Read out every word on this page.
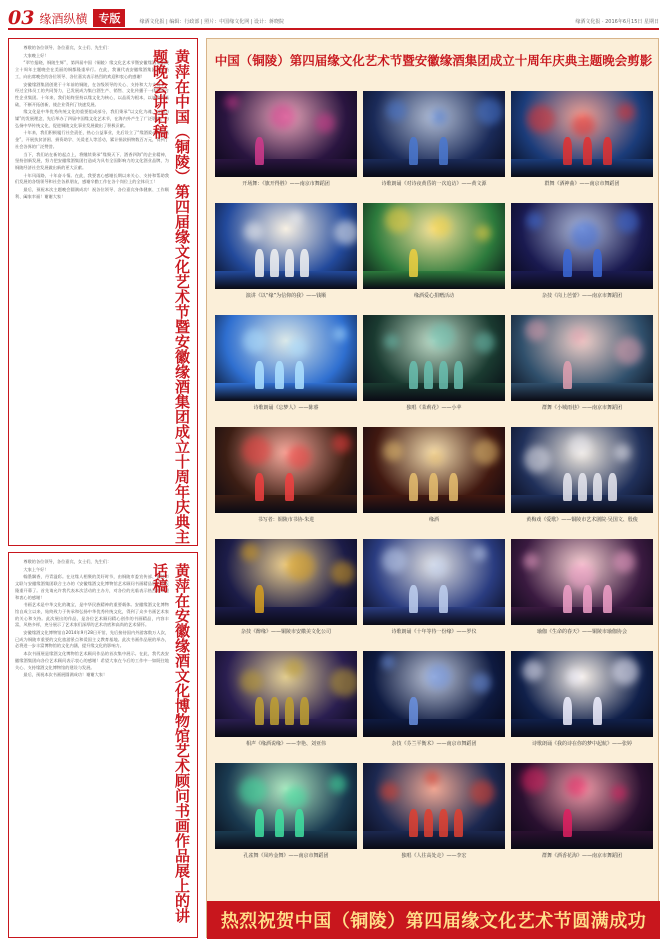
03 缘酒纵横	专版	缘酒文化报 | 编辑：行政部 | 照片：中国缘文化网 | 设计：蒋晓院	缘酒文化报 · 2016年6月15日 星期日

尊敬的各位领导、各位嘉宾，女士们、先生们：

大家晚上好！

“翠竹报晓，铜陵生辉”，第四届中国（铜陵）缘文化艺术节暨安徽缘酒集团成立十周年主题晚会在美丽的铜都隆重举行。在此，我谨代表安徽缘酒集团全体员工，向出席晚会的各位领导、各位嘉宾表示热烈的欢迎和衷心的感谢！

安徽缘酒集团创建于十年前的铜陵，在各级领导的关心、支持和大力支持下，经过全体员工的共同努力，已发展成为集白酒生产、销售、文化传播于一体的综合性企业集团。十年来，我们始终坚持以缘文化为核心，以品质为根本，以诚信为基础，不断开拓创新，使企业得到了快速发展。

缘文化是中华优秀传统文化的重要组成部分，我们秉承“以文化为魂、以酒为媒”的发展理念，先后举办了四届中国缘文化艺术节，在海内外产生了广泛影响，为弘扬中华传统文化、促进铜陵文化事业发展做出了积极贡献。

十年来，我们积极履行社会责任，热心公益事业，先后设立了“缘酒爱心助学基金”，开展扶贫济困、捐资助学、关爱老人等活动，累计捐款捐物数百万元，得到了社会各界的广泛赞誉。

当下，我们站在新的起点上，将继续秉承“缘聚天下、酒香四海”的企业精神，坚持创新发展，努力把安徽缘酒集团打造成为具有全国影响力的文化酒业品牌，为铜陵经济社会发展做出新的更大贡献。

十年风雨路，十年奋斗情。在此，我要衷心感谢长期以来关心、支持和帮助我们发展的各级领导和社会各界朋友，感谢辛勤工作在各个岗位上的全体员工！

最后，预祝本次主题晚会圆满成功！祝各位领导、各位嘉宾身体健康、工作顺利、阖家幸福！谢谢大家！	黄萍在中国（铜陵）第四届缘文化艺术节暨安徽缘酒集团成立十周年庆典主题晚会讲话稿

尊敬的各位领导，各位嘉宾，女士们，先生们：

大家上午好！

翰墨飘香，丹青溢彩。在这缘人相聚的美好时节，由铜陵市委宣传部、铜陵市文联与安徽缘酒集团联合主办的《安徽缘酒文化博物馆艺术顾问书画精品展》今天隆重开幕了。首先请允许我代表本次活动的主办方，对各位的光临表示热烈的欢迎和衷心的感谢！

书画艺术是中华文化的瑰宝，是中华民族精神的重要载体。安徽缘酒文化博物馆自成立以来，始终致力于传承和弘扬中华优秀传统文化，得到了众多书画艺术家的关心和支持。此次展出的作品，是各位艺术顾问精心创作的书画精品，内容丰富，风格多样，充分展示了艺术家们深厚的艺术功底和高尚的艺术情怀。

安徽缘酒文化博物馆自2014年9月28日开馆，先后接待国内外游客数万人次，已成为铜陵市重要的文化旅游景点和爱国主义教育基地。此次书画作品展的举办，必将进一步丰富博物馆的文化内涵，提升缘文化的影响力。

本次书画展是缘酒文化博物馆艺术顾问作品的首次集中展示。在此，我代表安徽缘酒集团向各位艺术顾问表示衷心的感谢！希望大家在今后的工作中一如既往地关心、支持缘酒文化博物馆的建设与发展。

最后，预祝本次书画展圆满成功！谢谢大家！	黄萍在安徽缘酒文化博物馆艺术顾问书画作品展上的讲话稿
中国（铜陵）第四届缘文化艺术节暨安徽缘酒集团成立十周年庆典主题晚会剪影
开场舞：《旗开得胜》——南京市舞蹈团	诗歌朗诵《对诗夜黄昏的一次追访》——黄文源	群舞《酒神曲》——南京市舞蹈团
演讲《以“缘”为信仰的我》——钱顺	缘酒爱心捐赠活动	杂技《岗上芭蕾》——南京市舞蹈团
诗歌朗诵《忘梦人》——陈睿	独唱《茉莉花》——小苹	群舞《小城雨巷》——南京市舞蹈团
书写者：铜陵市书协·朱进	缘酒	黄梅戏《爱歌》——铜陵市艺术剧院·吴国文、殷俊
杂技《醉缘》——铜陵市安徽美文化公司	诗歌朗诵《十年等待一份缘》——罗仪	瑜伽《生命的春天》——铜陵市瑜伽协会
相声《缘酒说缘》——李艳、刘亚伟	杂技《芬兰平衡术》——南京市舞蹈团	诗歌朗诵《我的诗在你的梦中起航》——张婷
孔雀舞《凤吟金舞》——南京市舞蹈团	独唱《人往高处走》——李宏	群舞《酒香花海》——南京市舞蹈团
热烈祝贺中国（铜陵）第四届缘文化艺术节圆满成功
